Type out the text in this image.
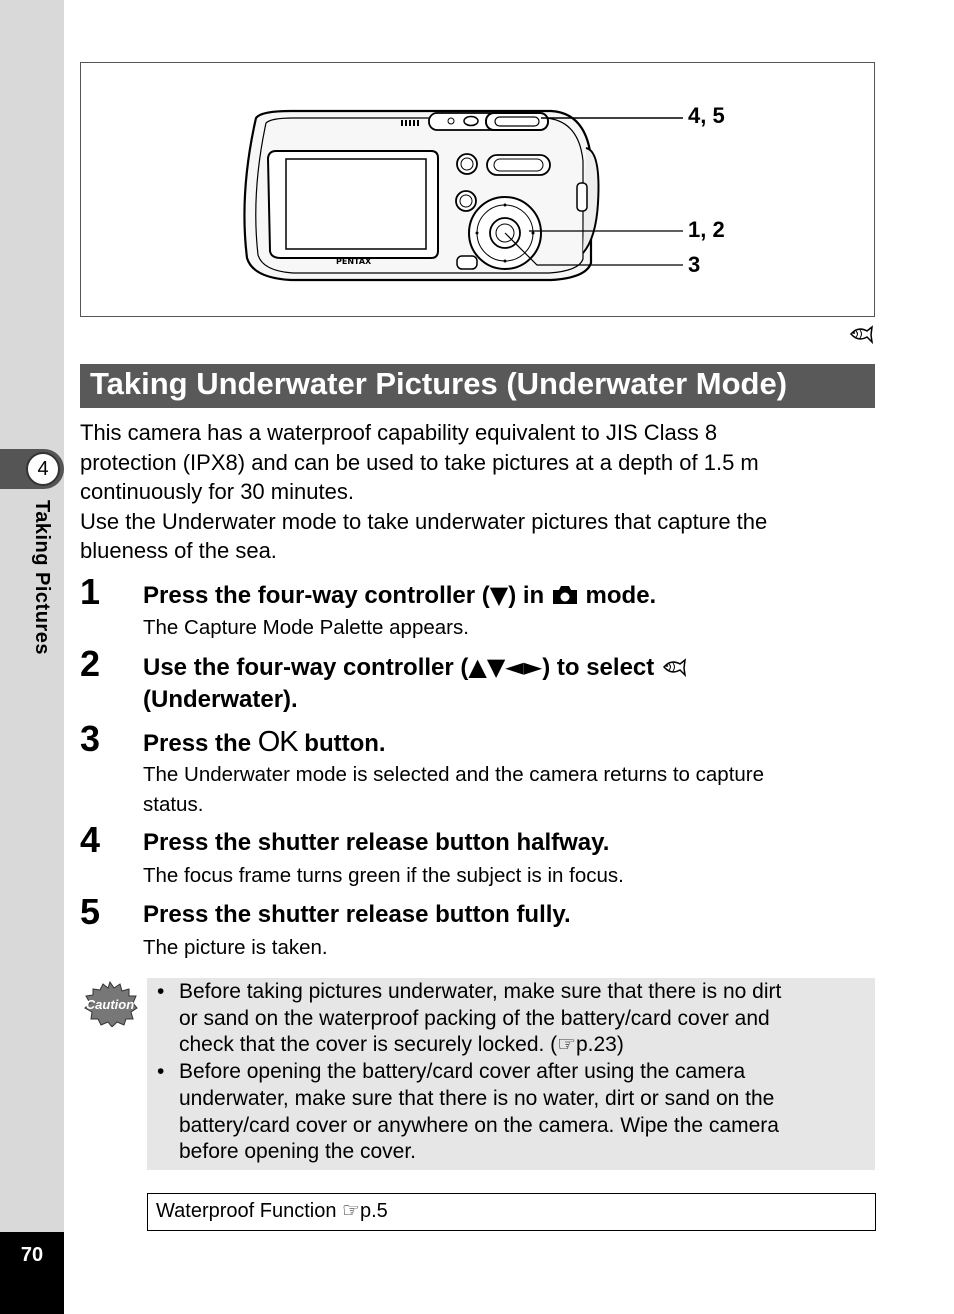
4
Taking Pictures
70
PENTAX
4, 5
1, 2
3
Taking Underwater Pictures (Underwater Mode)
This camera has a waterproof capability equivalent to JIS Class 8
protection (IPX8) and can be used to take pictures at a depth of 1.5 m
continuously for 30 minutes.
Use the Underwater mode to take underwater pictures that capture the
blueness of the sea.
1 Press the four-way controller (▼) in  mode.
The Capture Mode Palette appears.
2 Use the four-way controller (▲▼◄►) to select
(Underwater).
3 Press the OK button.
The Underwater mode is selected and the camera returns to capture
status.
4 Press the shutter release button halfway.
The focus frame turns green if the subject is in focus.
5 Press the shutter release button fully.
The picture is taken.
Caution
• Before taking pictures underwater, make sure that there is no dirt
or sand on the waterproof packing of the battery/card cover and
check that the cover is securely locked. (☞p.23)
• Before opening the battery/card cover after using the camera
underwater, make sure that there is no water, dirt or sand on the
battery/card cover or anywhere on the camera. Wipe the camera
before opening the cover.
Waterproof Function ☞p.5
